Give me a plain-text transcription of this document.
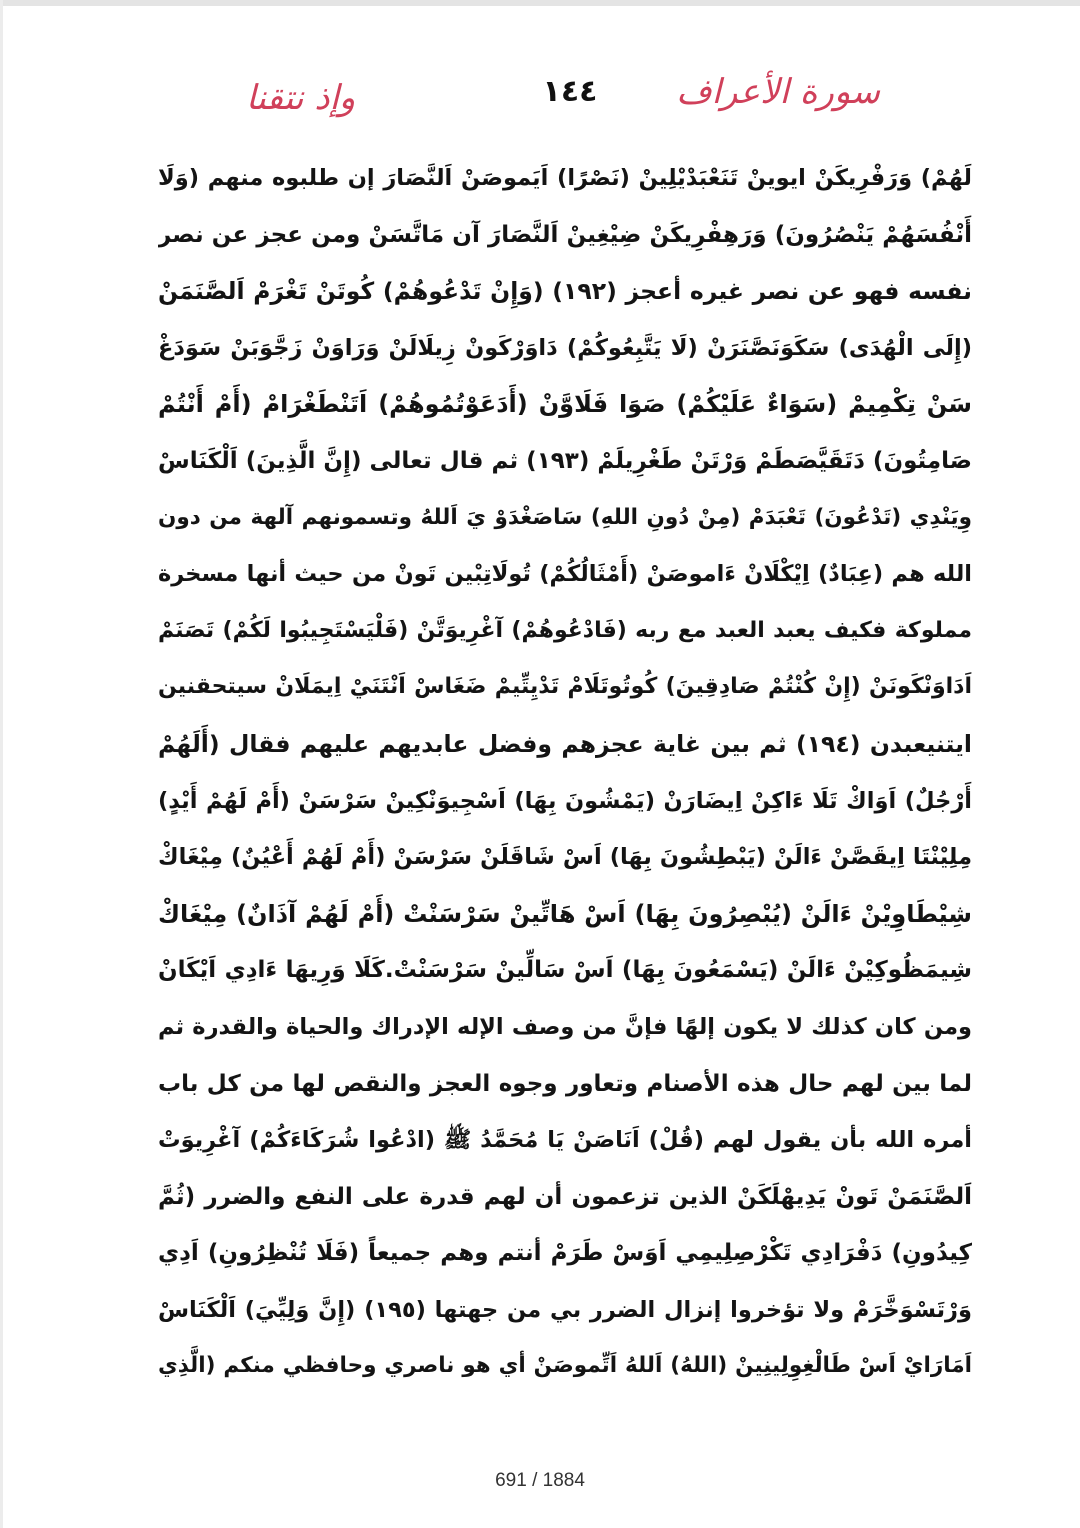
سورة الأعراف
١٤٤
وإذ نتقنا
لَهُمْ) وَرَفْرِيكَنْ ايوينْ تَنَعْبَدْيْلِينْ (نَصْرًا) اَيَموصَنْ اَلنَّصَارَ إن طلبوه منهم (وَلَا
أَنْفُسَهُمْ يَنْصُرُونَ) وَرَهِفْرِيكَنْ ضِيْغِينْ اَلنَّصَارَ آن مَاتَّسَنْ ومن عجز عن نصر
نفسه فهو عن نصر غيره أعجز (١٩٢) (وَإِنْ تَدْعُوهُمْ) كُوتَنْ تَغْرَمْ اَلصَّنَمَنْ
(إِلَى الْهُدَى) سَكَوَنَصَّنَرَنْ (لَا يَتَّبِعُوكُمْ) دَاوَرْكَونْ زِيلَالَنْ وَرَاوَنْ زَجَّوَبَنْ سَوَدَغْ
سَنْ تِكْمِيمْ (سَوَاءٌ عَلَيْكُمْ) صَوَا فَلَاوَّنْ (أَدَعَوْتُمُوهُمْ) اَتَنْطَغْرَامْ (أَمْ أَنْتُمْ
صَامِتُونَ) دَتَقَيَّصَطَمْ وَرْتَنْ طَغْرِيلَمْ (١٩٣) ثم قال تعالى (إِنَّ الَّذِينَ) اَلْكَنَاسْ
وِيَنْدِي (تَدْعُونَ) تَعْبَدَمْ (مِنْ دُونِ اللهِ) سَاصَغْدَوْ يَ اَللهُ وتسمونهم آلهة من دون
الله هم (عِبَادٌ) اِيْكْلَانْ ءَاموصَنْ (أَمْثَالُكُمْ) تُولَاتِبْين تَونْ من حيث أنها مسخرة
مملوكة فكيف يعبد العبد مع ربه (فَادْعُوهُمْ) آغْرِيوَتَّنْ (فَلْيَسْتَجِيبُوا لَكُمْ) تَصَنَمْ
اَدَاوَنْكَونَنْ (إِنْ كُنْتُمْ صَادِقِينَ) كُوتُوتَلَامْ تَدْيِتِّيمْ ضَغَاسْ اَنْتَنَيْ اِيمَلَانْ سيتحقنين
ايتنيعبدن (١٩٤) ثم بين غاية عجزهم وفضل عابديهم عليهم فقال (أَلَهُمْ
أَرْجُلٌ) اَوَاكْ تَلَا ءَاكِنْ اِيضَارَنْ (يَمْشُونَ بِهَا) اَسْجِيوَنْكِينْ سَرْسَنْ (أَمْ لَهُمْ أَيْدٍ)
مِلِيْنْتَا اِيقَصَّنْ ءَالَنْ (يَبْطِشُونَ بِهَا) اَسْ شَاقَلَنْ سَرْسَنْ (أَمْ لَهُمْ أَعْيُنٌ) مِيْغَاكْ
شِيْطَاوِيْنْ ءَالَنْ (يُبْصِرُونَ بِهَا) اَسْ هَاتِّينْ سَرْسَنْتْ (أَمْ لَهُمْ آذَانٌ) مِيْغَاكْ
شِيمَظُوكِيْنْ ءَالَنْ (يَسْمَعُونَ بِهَا) اَسْ سَالِّينْ سَرْسَنْتْ.كَلَا وَرِيهَا ءَادِي اَيْكَانْ
ومن كان كذلك لا يكون إلهًا فإنَّ من وصف الإله الإدراك والحياة والقدرة ثم
لما بين لهم حال هذه الأصنام وتعاور وجوه العجز والنقص لها من كل باب
أمره الله بأن يقول لهم (قُلْ) اَنَاصَنْ يَا مُحَمَّدُ ﷺ (ادْعُوا شُرَكَاءَكُمْ) آغْرِيوَتْ
اَلصَّنَمَنْ تَونْ يَدِيهْلَكَنْ الذين تزعمون أن لهم قدرة على النفع والضرر (ثُمَّ
كِيدُونِ) دَفْرَادِي تَكْرْصِلِيمِي اَوَسْ طَرَمْ أنتم وهم جميعاً (فَلَا تُنْظِرُونِ) اَدِي
وَرْتَسْوَخَّرَمْ ولا تؤخروا إنزال الضرر بي من جهتها (١٩٥) (إِنَّ وَلِيِّيَ) اَلْكَنَاسْ
اَمَارَايْ اَسْ طَالْغِوِلِينِينْ (اللهُ) اَللهُ اَتِّموصَنْ أي هو ناصري وحافظي منكم (الَّذِي
691 / 1884
